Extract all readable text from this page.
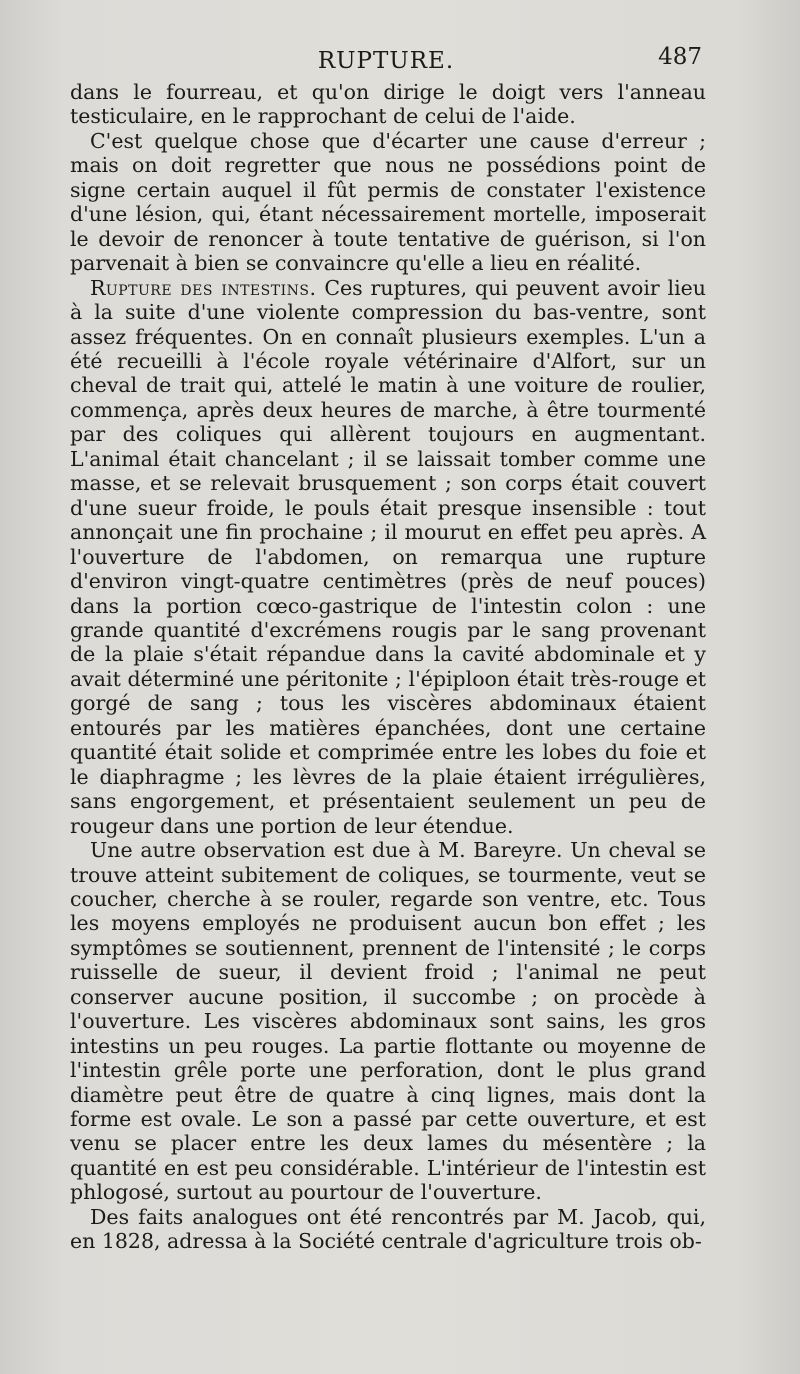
RUPTURE.	487

dans le fourreau, et qu'on dirige le doigt vers l'anneau testiculaire, en le rapprochant de celui de l'aide.

C'est quelque chose que d'écarter une cause d'erreur ; mais on doit regretter que nous ne possédions point de signe certain auquel il fût permis de constater l'existence d'une lésion, qui, étant nécessairement mortelle, imposerait le devoir de renoncer à toute tentative de guérison, si l'on parvenait à bien se convaincre qu'elle a lieu en réalité.

Rupture des intestins. Ces ruptures, qui peuvent avoir lieu à la suite d'une violente compression du bas-ventre, sont assez fréquentes. On en connaît plusieurs exemples. L'un a été recueilli à l'école royale vétérinaire d'Alfort, sur un cheval de trait qui, attelé le matin à une voiture de roulier, commença, après deux heures de marche, à être tourmenté par des coliques qui allèrent toujours en augmentant. L'animal était chancelant ; il se laissait tomber comme une masse, et se relevait brusquement ; son corps était couvert d'une sueur froide, le pouls était presque insensible : tout annonçait une fin prochaine ; il mourut en effet peu après. A l'ouverture de l'abdomen, on remarqua une rupture d'environ vingt-quatre centimètres (près de neuf pouces) dans la portion cœco-gastrique de l'intestin colon : une grande quantité d'excrémens rougis par le sang provenant de la plaie s'était répandue dans la cavité abdominale et y avait déterminé une péritonite ; l'épiploon était très-rouge et gorgé de sang ; tous les viscères abdominaux étaient entourés par les matières épanchées, dont une certaine quantité était solide et comprimée entre les lobes du foie et le diaphragme ; les lèvres de la plaie étaient irrégulières, sans engorgement, et présentaient seulement un peu de rougeur dans une portion de leur étendue.

Une autre observation est due à M. Bareyre. Un cheval se trouve atteint subitement de coliques, se tourmente, veut se coucher, cherche à se rouler, regarde son ventre, etc. Tous les moyens employés ne produisent aucun bon effet ; les symptômes se soutiennent, prennent de l'intensité ; le corps ruisselle de sueur, il devient froid ; l'animal ne peut conserver aucune position, il succombe ; on procède à l'ouverture. Les viscères abdominaux sont sains, les gros intestins un peu rouges. La partie flottante ou moyenne de l'intestin grêle porte une perforation, dont le plus grand diamètre peut être de quatre à cinq lignes, mais dont la forme est ovale. Le son a passé par cette ouverture, et est venu se placer entre les deux lames du mésentère ; la quantité en est peu considérable. L'intérieur de l'intestin est phlogosé, surtout au pourtour de l'ouverture.

Des faits analogues ont été rencontrés par M. Jacob, qui, en 1828, adressa à la Société centrale d'agriculture trois ob-
